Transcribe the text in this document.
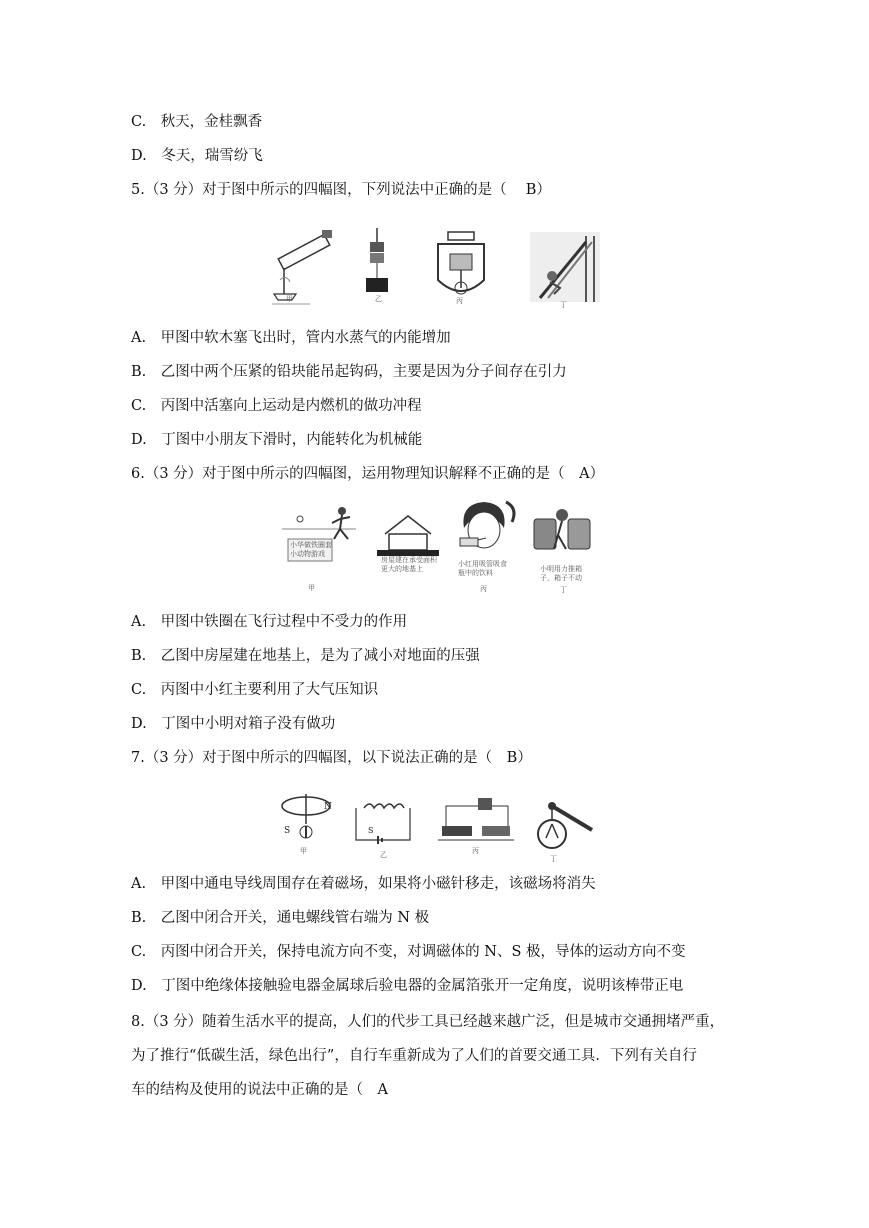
C.　 秋天，金桂飘香
D.　 冬天，瑞雪纷飞
5.（3 分）对于图中所示的四幅图，下列说法中正确的是（　 B）
甲	乙	丙	丁
A.　 甲图中软木塞飞出时，管内水蒸气的内能增加
B.　 乙图中两个压紧的铅块能吊起钩码，主要是因为分子间存在引力
C.　 丙图中活塞向上运动是内燃机的做功冲程
D.　 丁图中小朋友下滑时，内能转化为机械能
6.（3 分）对于图中所示的四幅图，运用物理知识解释不正确的是（　A）
小华做铁圈套小动物游戏
甲
房屋建在承受面积更大的地基上
小红用吸管吸食瓶中的饮料
丙
小明用力推箱子，箱子不动
丁
A.　 甲图中铁圈在飞行过程中不受力的作用
B.　 乙图中房屋建在地基上，是为了减小对地面的压强
C.　 丙图中小红主要利用了大气压知识
D.　 丁图中小明对箱子没有做功
7.（3 分）对于图中所示的四幅图，以下说法正确的是（　B）
S
N
甲
S
乙	丙
丁
A.　 甲图中通电导线周围存在着磁场，如果将小磁针移走，该磁场将消失
B.　 乙图中闭合开关，通电螺线管右端为 N 极
C.　 丙图中闭合开关，保持电流方向不变，对调磁体的 N、S 极，导体的运动方向不变
D.　 丁图中绝缘体接触验电器金属球后验电器的金属箔张开一定角度，说明该棒带正电
8.（3 分）随着生活水平的提高，人们的代步工具已经越来越广泛，但是城市交通拥堵严重，
为了推行“低碳生活，绿色出行”，自行车重新成为了人们的首要交通工具．下列有关自行
车的结构及使用的说法中正确的是（　A
